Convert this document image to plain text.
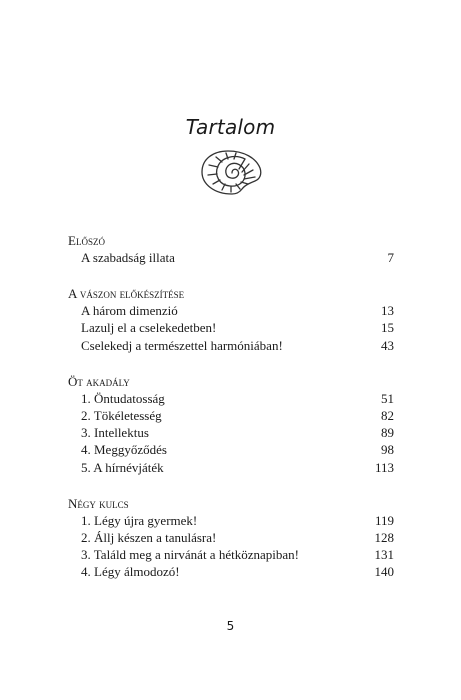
Tartalom
Előszó
A szabadság illata	7
A vászon előkészítése
A három dimenzió	13
Lazulj el a cselekedetben!	15
Cselekedj a természettel harmóniában!	43
Öt akadály
1. Öntudatosság	51
2. Tökéletesség	82
3. Intellektus	89
4. Meggyőződés	98
5. A hírnévjáték	113
Négy kulcs
1. Légy újra gyermek!	119
2. Állj készen a tanulásra!	128
3. Találd meg a nirvánát a hétköznapiban!	131
4. Légy álmodozó!	140
5
